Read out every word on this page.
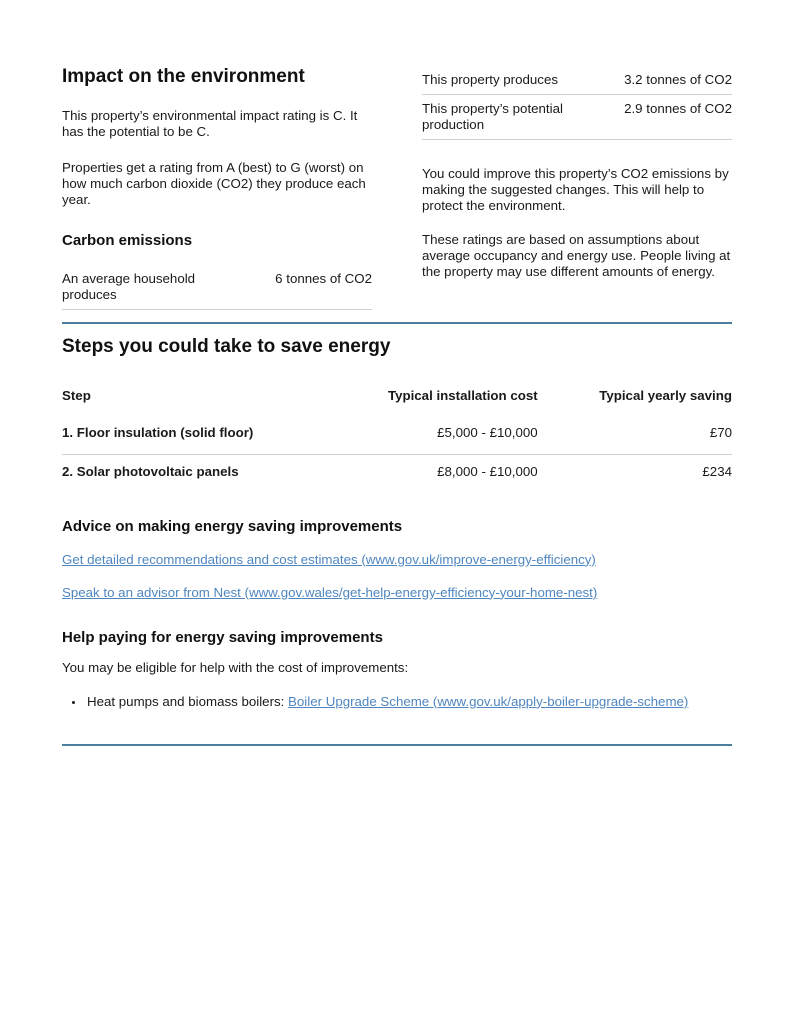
Impact on the environment

This property’s environmental impact rating is C. It has the potential to be C.

Properties get a rating from A (best) to G (worst) on how much carbon dioxide (CO2) they produce each year.

Carbon emissions
An average household produces	6 tonnes of CO2
This property produces	3.2 tonnes of CO2
This property’s potential production	2.9 tonnes of CO2

You could improve this property’s CO2 emissions by making the suggested changes. This will help to protect the environment.

These ratings are based on assumptions about average occupancy and energy use. People living at the property may use different amounts of energy.

Steps you could take to save energy
Step	Typical installation cost	Typical yearly saving
1. Floor insulation (solid floor)	£5,000 - £10,000	£70
2. Solar photovoltaic panels	£8,000 - £10,000	£234
Advice on making energy saving improvements

Get detailed recommendations and cost estimates (www.gov.uk/improve-energy-efficiency)

Speak to an advisor from Nest (www.gov.wales/get-help-energy-efficiency-your-home-nest)

Help paying for energy saving improvements

You may be eligible for help with the cost of improvements:

• Heat pumps and biomass boilers: Boiler Upgrade Scheme (www.gov.uk/apply-boiler-upgrade-scheme)
